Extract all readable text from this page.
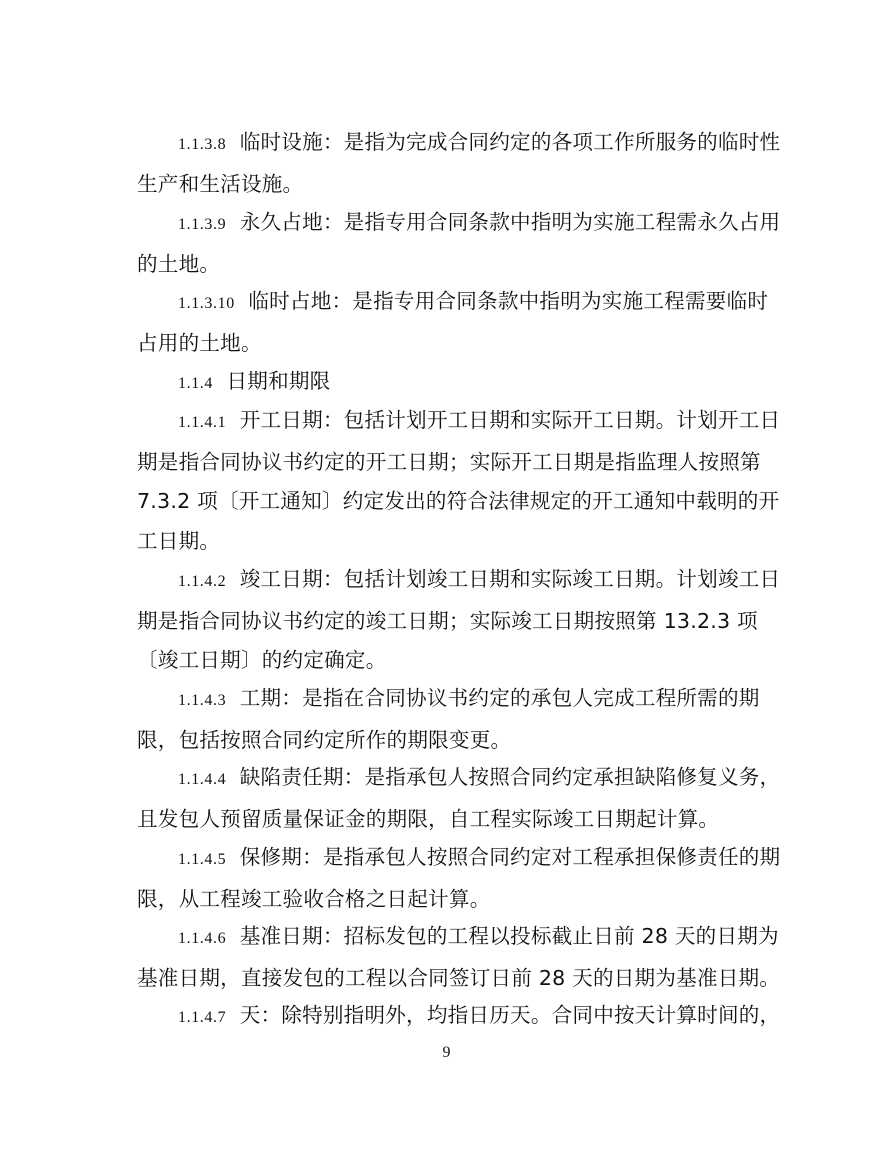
1.1.3.8 临时设施：是指为完成合同约定的各项工作所服务的临时性生产和生活设施。

1.1.3.9 永久占地：是指专用合同条款中指明为实施工程需永久占用的土地。

1.1.3.10 临时占地：是指专用合同条款中指明为实施工程需要临时占用的土地。

1.1.4 日期和期限

1.1.4.1 开工日期：包括计划开工日期和实际开工日期。计划开工日期是指合同协议书约定的开工日期；实际开工日期是指监理人按照第 7.3.2 项〔开工通知〕约定发出的符合法律规定的开工通知中载明的开工日期。

1.1.4.2 竣工日期：包括计划竣工日期和实际竣工日期。计划竣工日期是指合同协议书约定的竣工日期；实际竣工日期按照第 13.2.3 项〔竣工日期〕的约定确定。

1.1.4.3 工期：是指在合同协议书约定的承包人完成工程所需的期限，包括按照合同约定所作的期限变更。

1.1.4.4 缺陷责任期：是指承包人按照合同约定承担缺陷修复义务，且发包人预留质量保证金的期限，自工程实际竣工日期起计算。

1.1.4.5 保修期：是指承包人按照合同约定对工程承担保修责任的期限，从工程竣工验收合格之日起计算。

1.1.4.6 基准日期：招标发包的工程以投标截止日前 28 天的日期为基准日期，直接发包的工程以合同签订日前 28 天的日期为基准日期。

1.1.4.7 天：除特别指明外，均指日历天。合同中按天计算时间的，

9
